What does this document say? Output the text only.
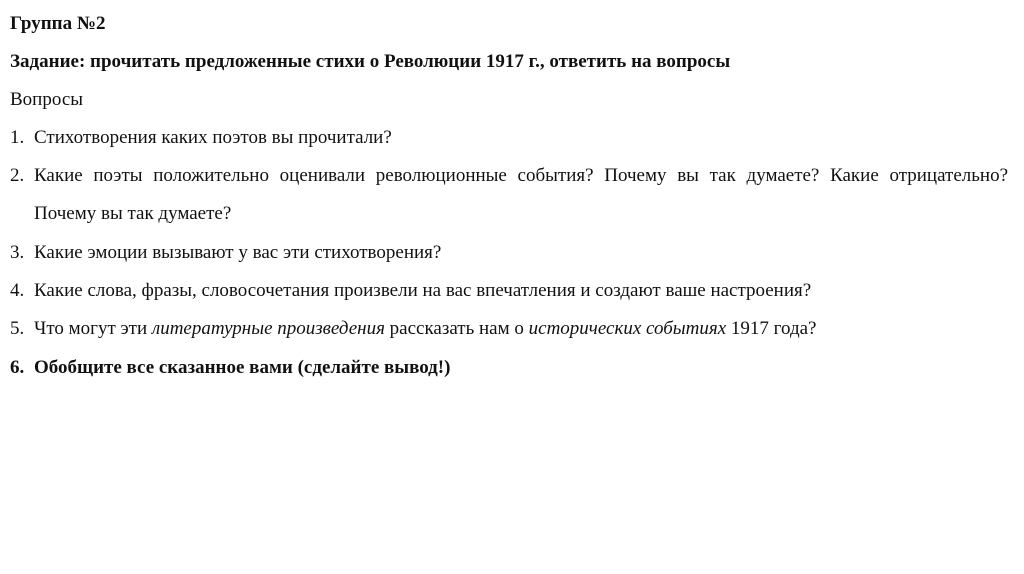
Группа №2
Задание: прочитать предложенные стихи о Революции 1917 г., ответить на вопросы
Вопросы
1. Стихотворения каких поэтов вы прочитали?
2. Какие поэты положительно оценивали революционные события? Почему вы так думаете? Какие отрицательно? Почему вы так думаете?
3. Какие эмоции вызывают у вас эти стихотворения?
4. Какие слова, фразы, словосочетания произвели на вас впечатления и создают ваше настроения?
5. Что могут эти литературные произведения рассказать нам о исторических событиях 1917 года?
6. Обобщите все сказанное вами (сделайте вывод!)
